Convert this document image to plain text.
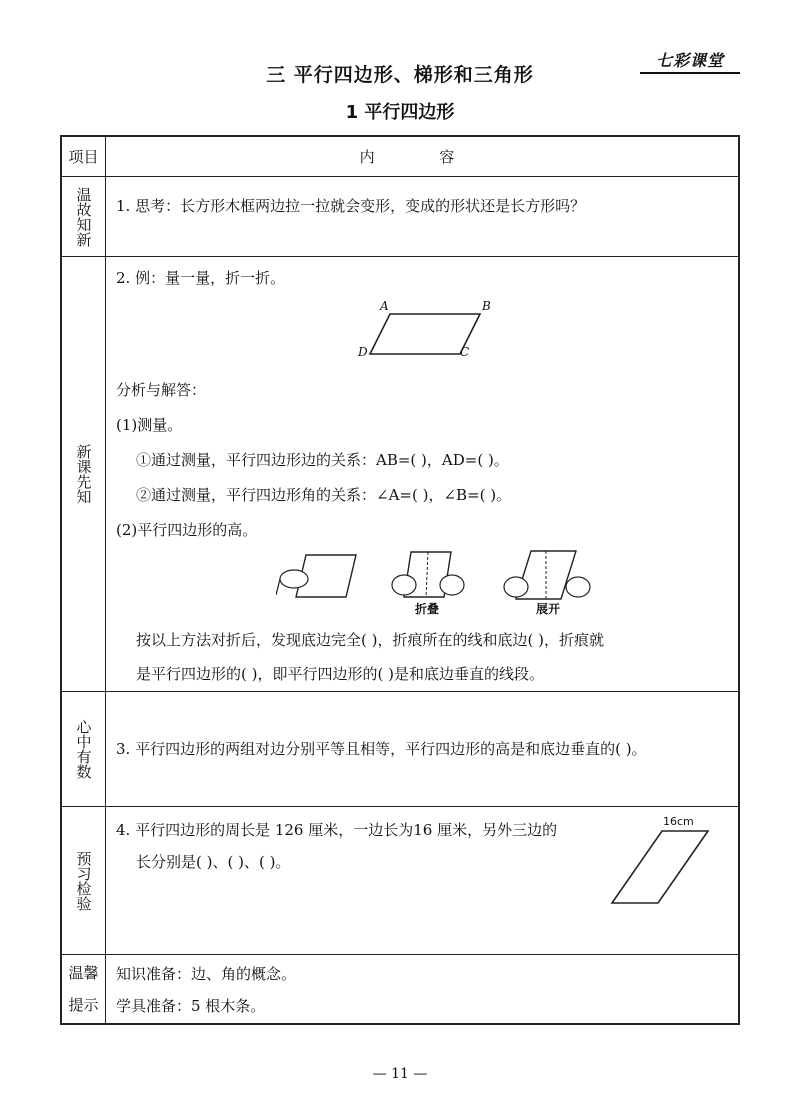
三 平行四边形、梯形和三角形
1 平行四边形
七彩课堂
项目	内 容
温故知新 1. 思考：长方形木框两边拉一拉就会变形，变成的形状还是长方形吗？
新课先知
2. 例：量一量，折一折。
A	B
C
D
分析与解答：
(1)测量。
①通过测量，平行四边形边的关系：AB=( )，AD=( )。
②通过测量，平行四边形角的关系：∠A=( )，∠B=( )。
(2)平行四边形的高。
折叠	展开
按以上方法对折后，发现底边完全( )，折痕所在的线和底边( )，折痕就
是平行四边形的( )，即平行四边形的( )是和底边垂直的线段。
心中有数 3. 平行四边形的两组对边分别平等且相等，平行四边形的高是和底边垂直的( )。
预习检验
4. 平行四边形的周长是 126 厘米，一边长为16 厘米，另外三边的
长分别是( )、( )、( )。
16cm
温馨提示
知识准备：边、角的概念。
学具准备：5 根木条。
— 11 —
